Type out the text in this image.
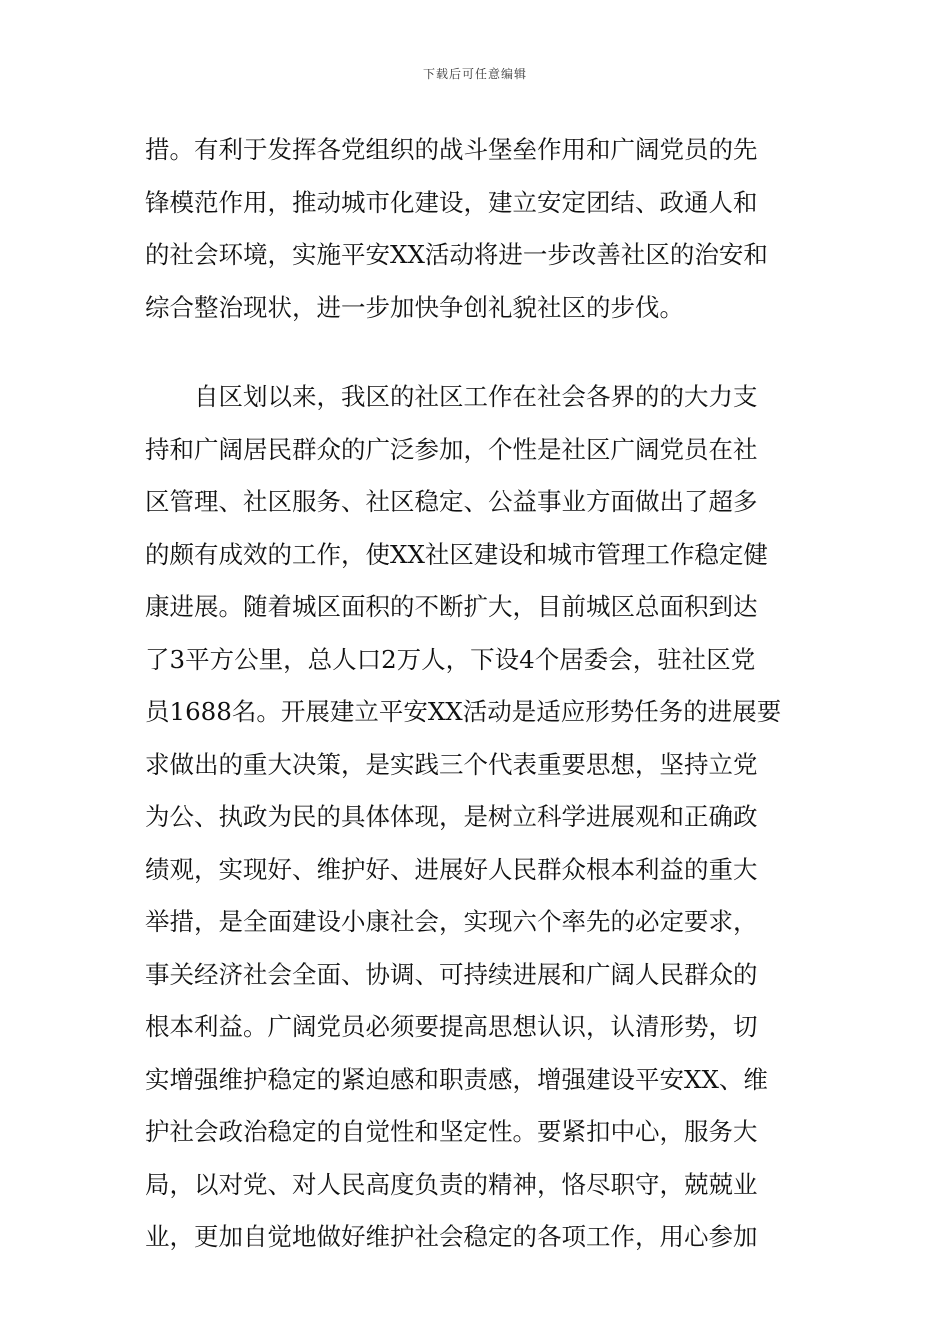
下载后可任意编辑
措。有利于发挥各党组织的战斗堡垒作用和广阔党员的先
锋模范作用，推动城市化建设，建立安定团结、政通人和
的社会环境，实施平安XX活动将进一步改善社区的治安和
综合整治现状，进一步加快争创礼貌社区的步伐。
　　自区划以来，我区的社区工作在社会各界的的大力支
持和广阔居民群众的广泛参加，个性是社区广阔党员在社
区管理、社区服务、社区稳定、公益事业方面做出了超多
的颇有成效的工作，使XX社区建设和城市管理工作稳定健
康进展。随着城区面积的不断扩大，目前城区总面积到达
了3平方公里，总人口2万人，下设4个居委会，驻社区党
员1688名。开展建立平安XX活动是适应形势任务的进展要
求做出的重大决策，是实践三个代表重要思想，坚持立党
为公、执政为民的具体体现，是树立科学进展观和正确政
绩观，实现好、维护好、进展好人民群众根本利益的重大
举措，是全面建设小康社会，实现六个率先的必定要求，
事关经济社会全面、协调、可持续进展和广阔人民群众的
根本利益。广阔党员必须要提高思想认识，认清形势，切
实增强维护稳定的紧迫感和职责感，增强建设平安XX、维
护社会政治稳定的自觉性和坚定性。要紧扣中心，服务大
局，以对党、对人民高度负责的精神，恪尽职守，兢兢业
业，更加自觉地做好维护社会稳定的各项工作，用心参加
